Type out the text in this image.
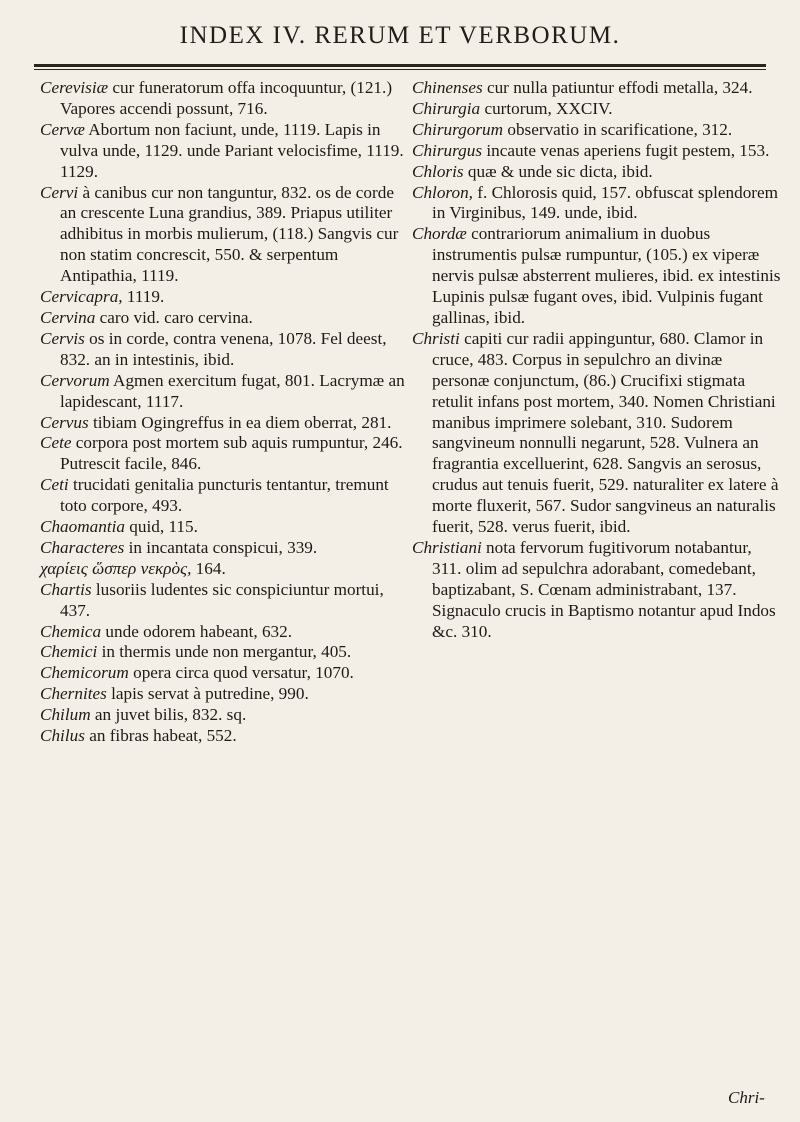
INDEX IV. RERUM ET VERBORUM.

Cerevisiæ cur funeratorum offa incoquuntur, (121.) Vapores accendi possunt, 716.

Cervæ Abortum non faciunt, unde, 1119. Lapis in vulva unde, 1129. unde Pariant velocisfime, 1119. 1129.

Cervi à canibus cur non tanguntur, 832. os de corde an crescente Luna grandius, 389. Priapus utiliter adhibitus in morbis mulierum, (118.) Sangvis cur non statim concrescit, 550. & serpentum Antipathia, 1119.

Cervicapra, 1119.

Cervina caro vid. caro cervina.

Cervis os in corde, contra venena, 1078. Fel deest, 832. an in intestinis, ibid.

Cervorum Agmen exercitum fugat, 801. Lacrymæ an lapidescant, 1117.

Cervus tibiam Ogingreffus in ea diem oberrat, 281.

Cete corpora post mortem sub aquis rumpuntur, 246. Putrescit facile, 846.

Ceti trucidati genitalia puncturis tentantur, tremunt toto corpore, 493.

Chaomantia quid, 115.

Characteres in incantata conspicui, 339.

χαρίεις ὥσπερ νεκρὸς, 164.

Chartis lusoriis ludentes sic conspiciuntur mortui, 437.

Chemica unde odorem habeant, 632.

Chemici in thermis unde non mergantur, 405.

Chemicorum opera circa quod versatur, 1070.

Chernites lapis servat à putredine, 990.

Chilum an juvet bilis, 832. sq.

Chilus an fibras habeat, 552.

Chinenses cur nulla patiuntur effodi metalla, 324.

Chirurgia curtorum, XXCIV.

Chirurgorum observatio in scarificatione, 312.

Chirurgus incaute venas aperiens fugit pestem, 153.

Chloris quæ & unde sic dicta, ibid.

Chloron, f. Chlorosis quid, 157. obfuscat splendorem in Virginibus, 149. unde, ibid.

Chordæ contrariorum animalium in duobus instrumentis pulsæ rumpuntur, (105.) ex viperæ nervis pulsæ absterrent mulieres, ibid. ex intestinis Lupinis pulsæ fugant oves, ibid. Vulpinis fugant gallinas, ibid.

Christi capiti cur radii appinguntur, 680. Clamor in cruce, 483. Corpus in sepulchro an divinæ personæ conjunctum, (86.) Crucifixi stigmata retulit infans post mortem, 340. Nomen Christiani manibus imprimere solebant, 310. Sudorem sangvineum nonnulli negarunt, 528. Vulnera an fragrantia excelluerint, 628. Sangvis an serosus, crudus aut tenuis fuerit, 529. naturaliter ex latere à morte fluxerit, 567. Sudor sangvineus an naturalis fuerit, 528. verus fuerit, ibid.

Christiani nota fervorum fugitivorum notabantur, 311. olim ad sepulchra adorabant, comedebant, baptizabant, S. Cœnam administrabant, 137. Signaculo crucis in Baptismo notantur apud Indos &c. 310.

Chri-
